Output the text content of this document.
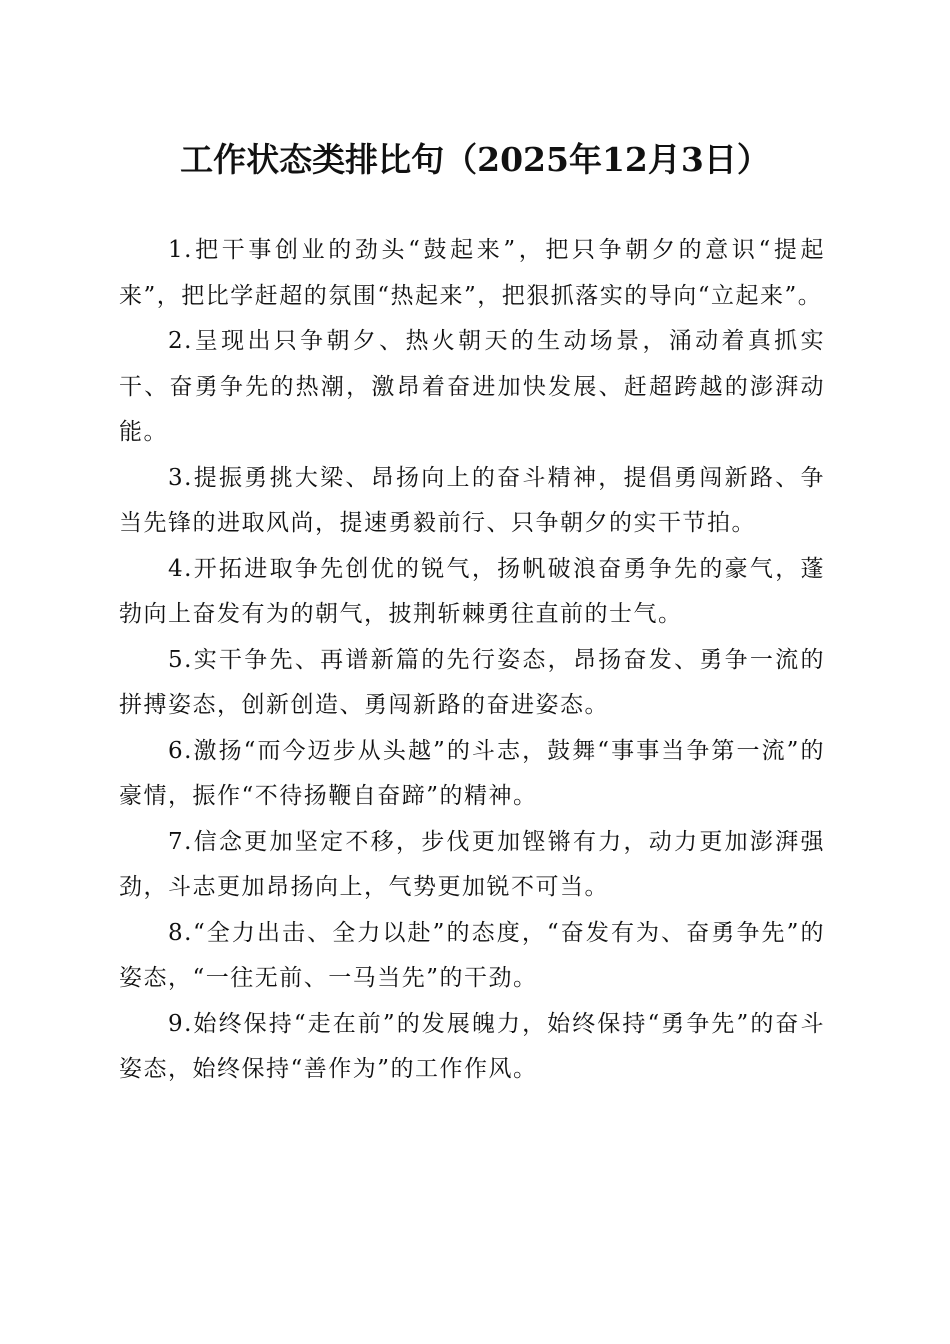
工作状态类排比句（2025年12月3日）

1.把干事创业的劲头“鼓起来”，把只争朝夕的意识“提起来”，把比学赶超的氛围“热起来”，把狠抓落实的导向“立起来”。

2.呈现出只争朝夕、热火朝天的生动场景，涌动着真抓实干、奋勇争先的热潮，激昂着奋进加快发展、赶超跨越的澎湃动能。

3.提振勇挑大梁、昂扬向上的奋斗精神，提倡勇闯新路、争当先锋的进取风尚，提速勇毅前行、只争朝夕的实干节拍。

4.开拓进取争先创优的锐气，扬帆破浪奋勇争先的豪气，蓬勃向上奋发有为的朝气，披荆斩棘勇往直前的士气。

5.实干争先、再谱新篇的先行姿态，昂扬奋发、勇争一流的拼搏姿态，创新创造、勇闯新路的奋进姿态。

6.激扬“而今迈步从头越”的斗志，鼓舞“事事当争第一流”的豪情，振作“不待扬鞭自奋蹄”的精神。

7.信念更加坚定不移，步伐更加铿锵有力，动力更加澎湃强劲，斗志更加昂扬向上，气势更加锐不可当。

8.“全力出击、全力以赴”的态度，“奋发有为、奋勇争先”的姿态，“一往无前、一马当先”的干劲。

9.始终保持“走在前”的发展魄力，始终保持“勇争先”的奋斗姿态，始终保持“善作为”的工作作风。
